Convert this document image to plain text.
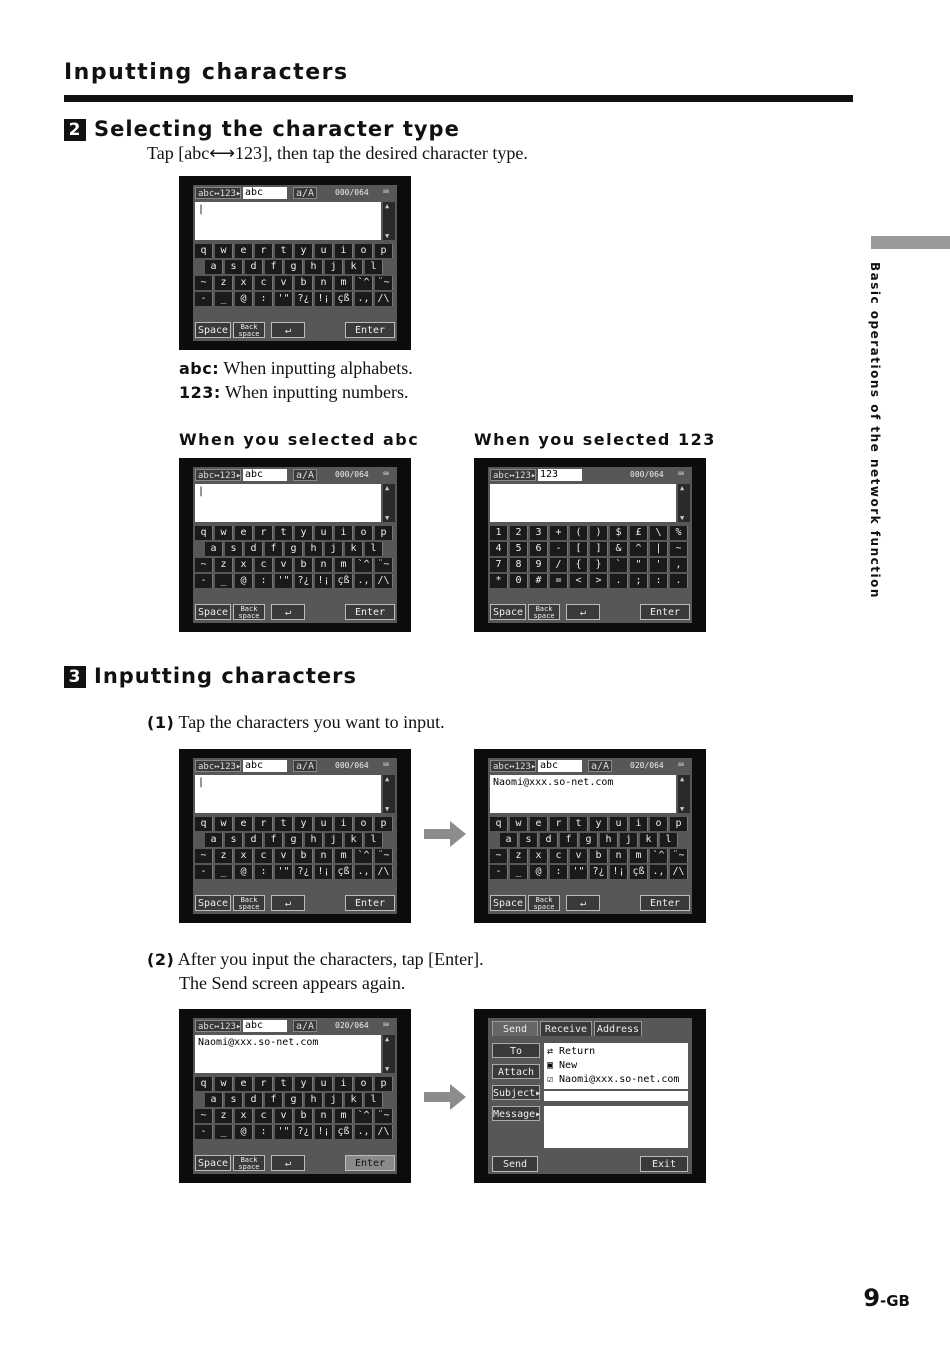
Inputting characters
2 Selecting the character type
Tap [abc⟷123], then tap the desired character type.
abc↔123▸ abc	a/A	000/064	⌨
|
▲ ▼
q	w	e	r	t	y	u	i	o	p
a	s	d	f	g	h	j	k	l
~	z	x	c	v	b	n	m	`^ ¨~
-	_	@	:	'" ?¿ !¡ çß ., /\
Space	Back space	↵	Enter
abc: When inputting alphabets.
123: When inputting numbers.
When you selected abc	When you selected 123
abc↔123▸ abc	a/A	000/064	⌨
|
▲ ▼
q	w	e	r	t	y	u	i	o	p
a	s	d	f	g	h	j	k	l
~	z	x	c	v	b	n	m	`^ ¨~
-	_	@	:	'" ?¿ !¡ çß ., /\
Space	Back space	↵	Enter
abc↔123▸ 123	000/064	⌨
▲ ▼
1	2	3	+	(	)	$	£	\	%
4	5	6	-	[	]	&	^	|	~
7	8	9	/	{	}	`	"	'	,
*	0	#	=	<	>	.	;	:	.
Space	Back space	↵	Enter
3 Inputting characters
(1) Tap the characters you want to input.
abc↔123▸ abc	a/A	000/064	⌨
|
▲ ▼
q	w	e	r	t	y	u	i	o	p
a	s	d	f	g	h	j	k	l
~	z	x	c	v	b	n	m	`^ ¨~
-	_	@	:	'" ?¿ !¡ çß ., /\
Space	Back space	↵	Enter
abc↔123▸ abc	a/A	020/064	⌨
Naomi@xxx.so-net.com
▲ ▼
q	w	e	r	t	y	u	i	o	p
a	s	d	f	g	h	j	k	l
~	z	x	c	v	b	n	m	`^ ¨~
-	_	@	:	'" ?¿ !¡ çß ., /\
Space	Back space	↵	Enter
(2) After you input the characters, tap [Enter].
The Send screen appears again.
abc↔123▸ abc	a/A	020/064	⌨
Naomi@xxx.so-net.com
▲ ▼
q	w	e	r	t	y	u	i	o	p
a	s	d	f	g	h	j	k	l
~	z	x	c	v	b	n	m	`^ ¨~
-	_	@	:	'" ?¿ !¡ çß ., /\
Space	Back space	↵	Enter
Send	Receive Address
To
Attach
Subject▸
Message▸
⇄ Return
▣ New
☑ Naomi@xxx.so-net.com
Send	Exit
Basic operations of the network function
9-GB
